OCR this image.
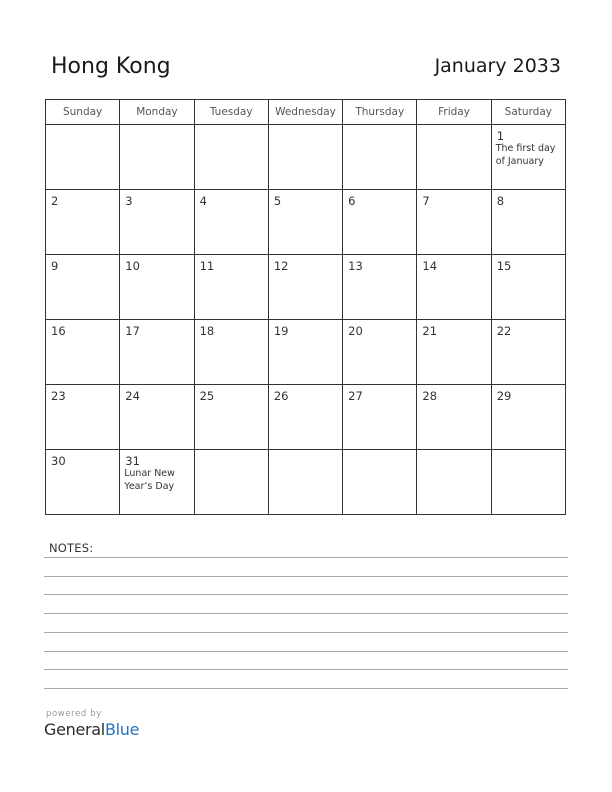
Hong Kong	January 2033
Sunday	Monday	Tuesday	Wednesday	Thursday	Friday	Saturday

						1
The first day of January

2	3	4	5	6	7	8

9	10	11	12	13	14	15

16	17	18	19	20	21	22

23	24	25	26	27	28	29

30	31
Lunar New Year’s Day					

NOTES:
powered by
GeneralBlue
